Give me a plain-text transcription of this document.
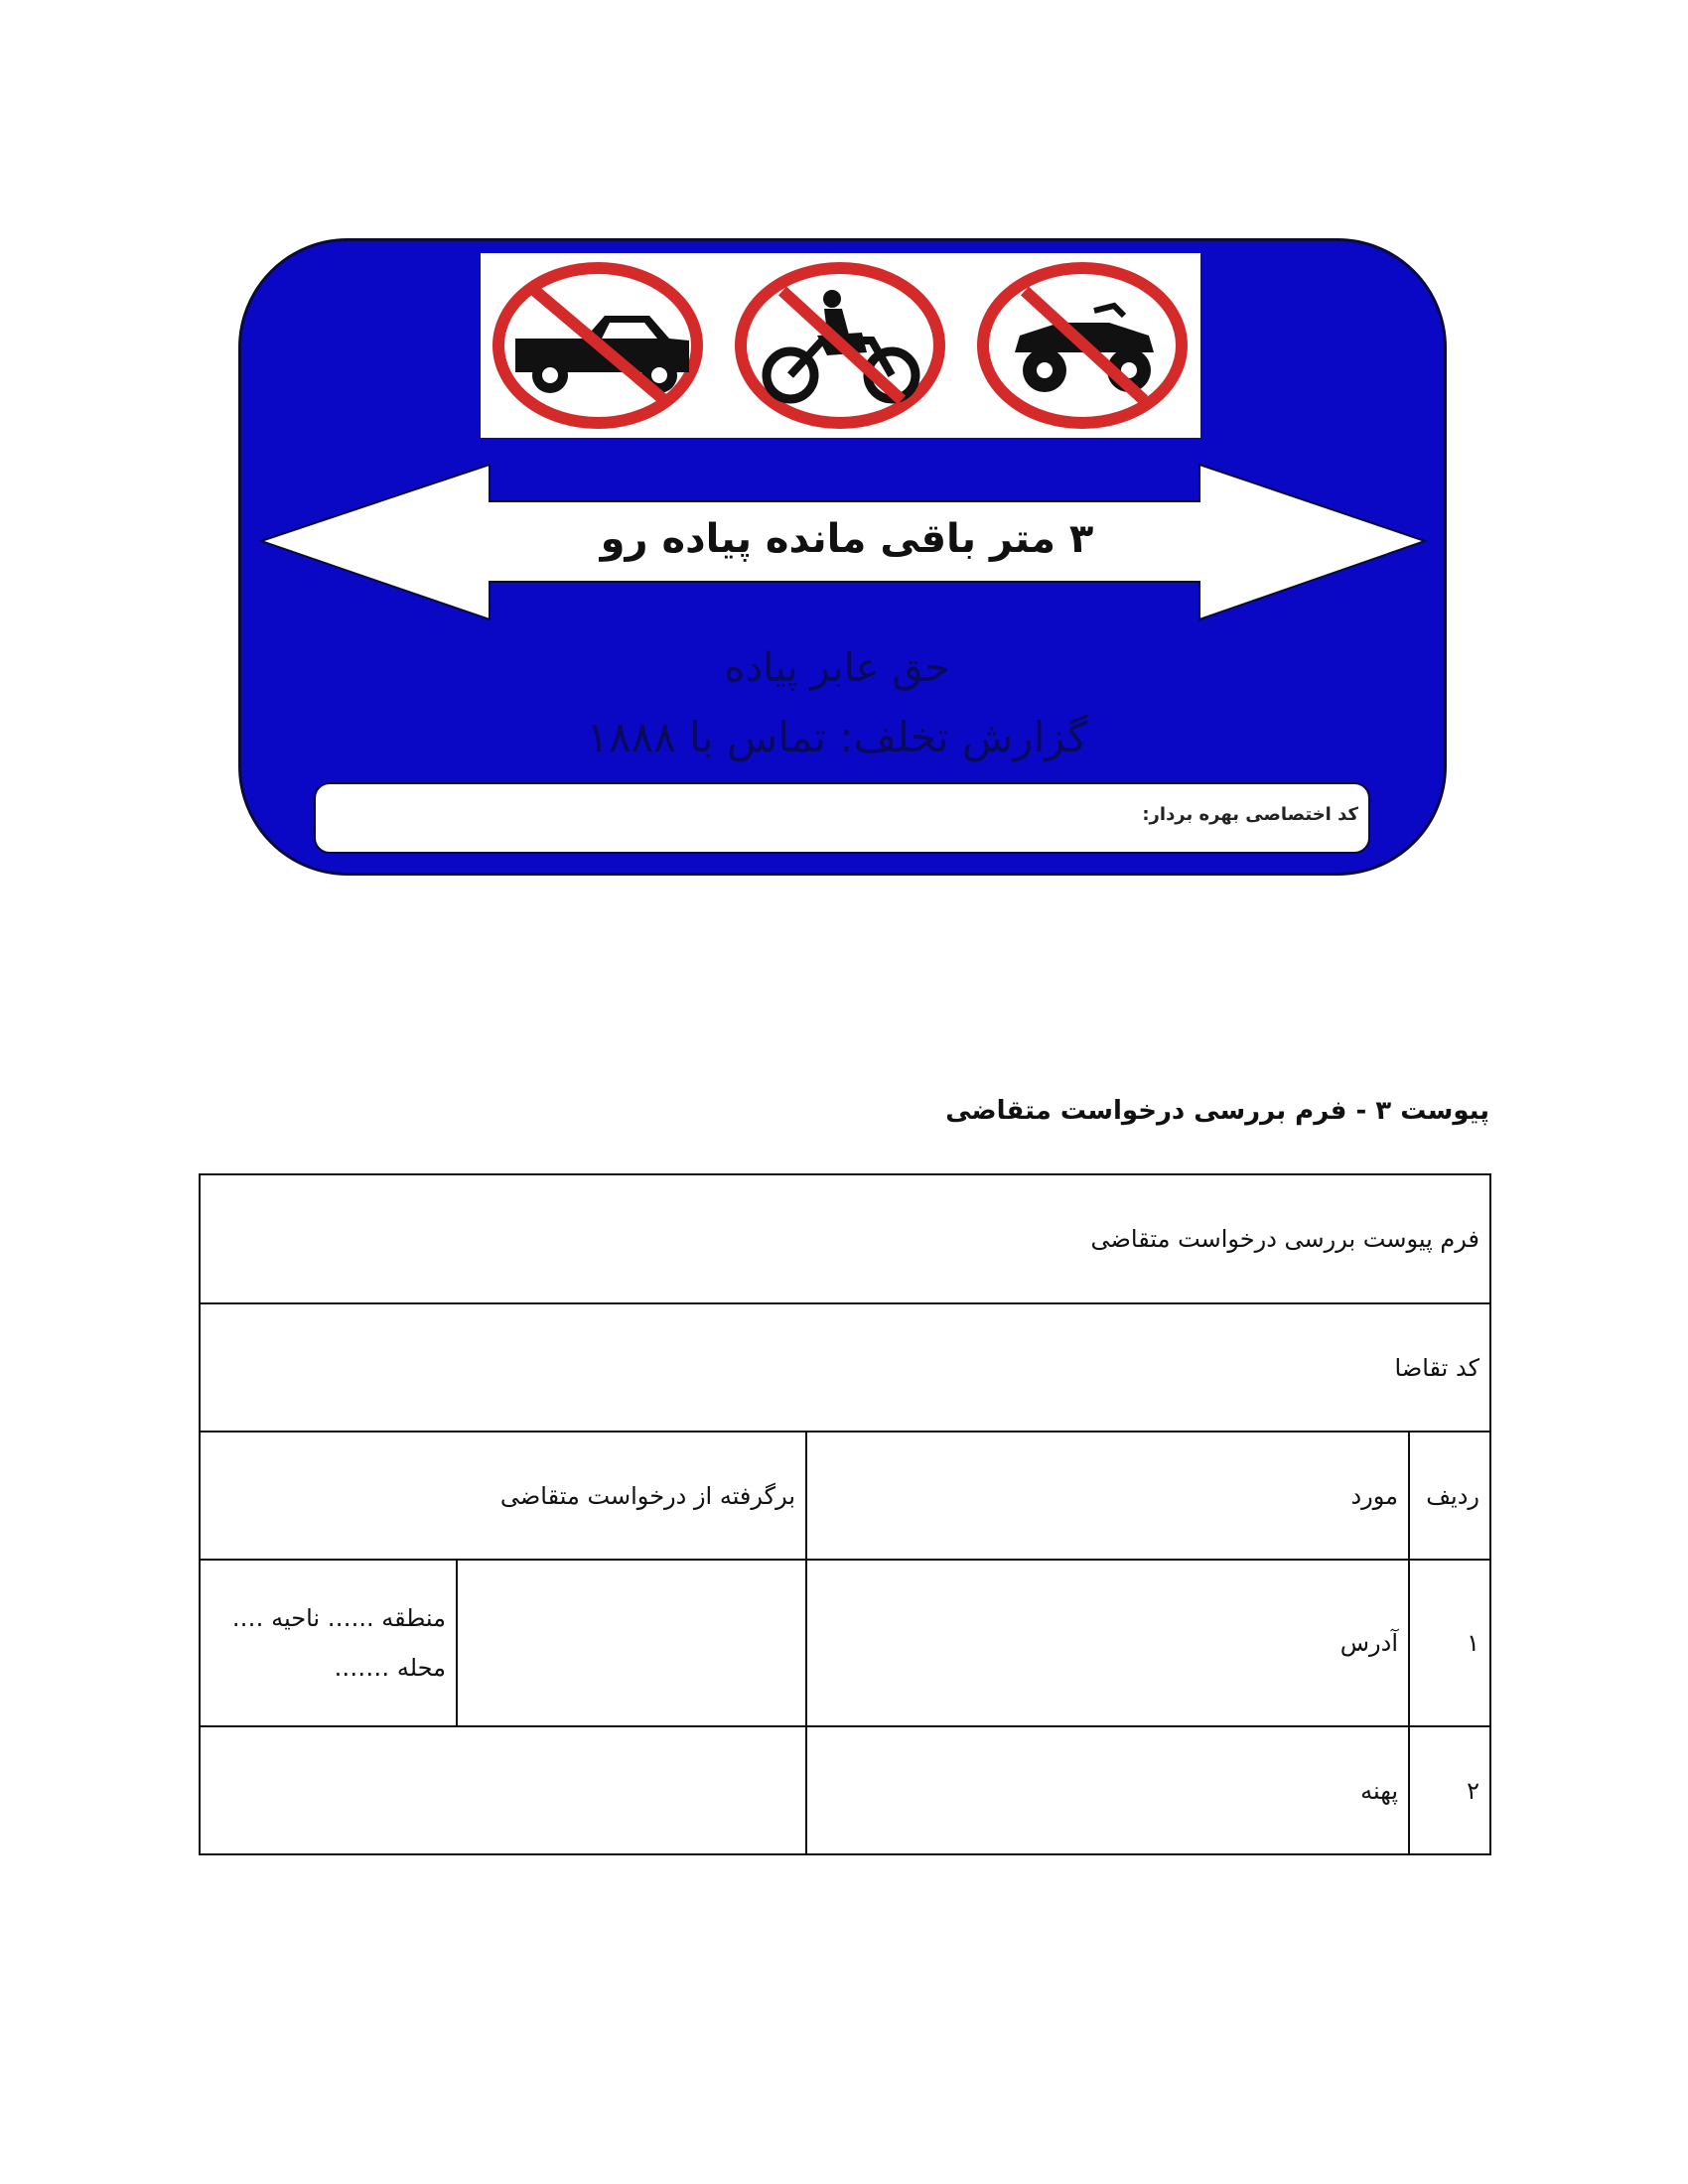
۳ متر باقی مانده پیاده رو
حق عابر پیاده
گزارش تخلف: تماس با ۱۸۸۸
کد اختصاصی بهره بردار:
پیوست ۳ - فرم بررسی درخواست متقاضی
فرم پیوست بررسی درخواست متقاضی			
کد تقاضا			
ردیف	مورد	برگرفته از درخواست متقاضی	
۱	آدرس		منطقه ...… ناحیه ….
محله …….

۲	پهنه		
